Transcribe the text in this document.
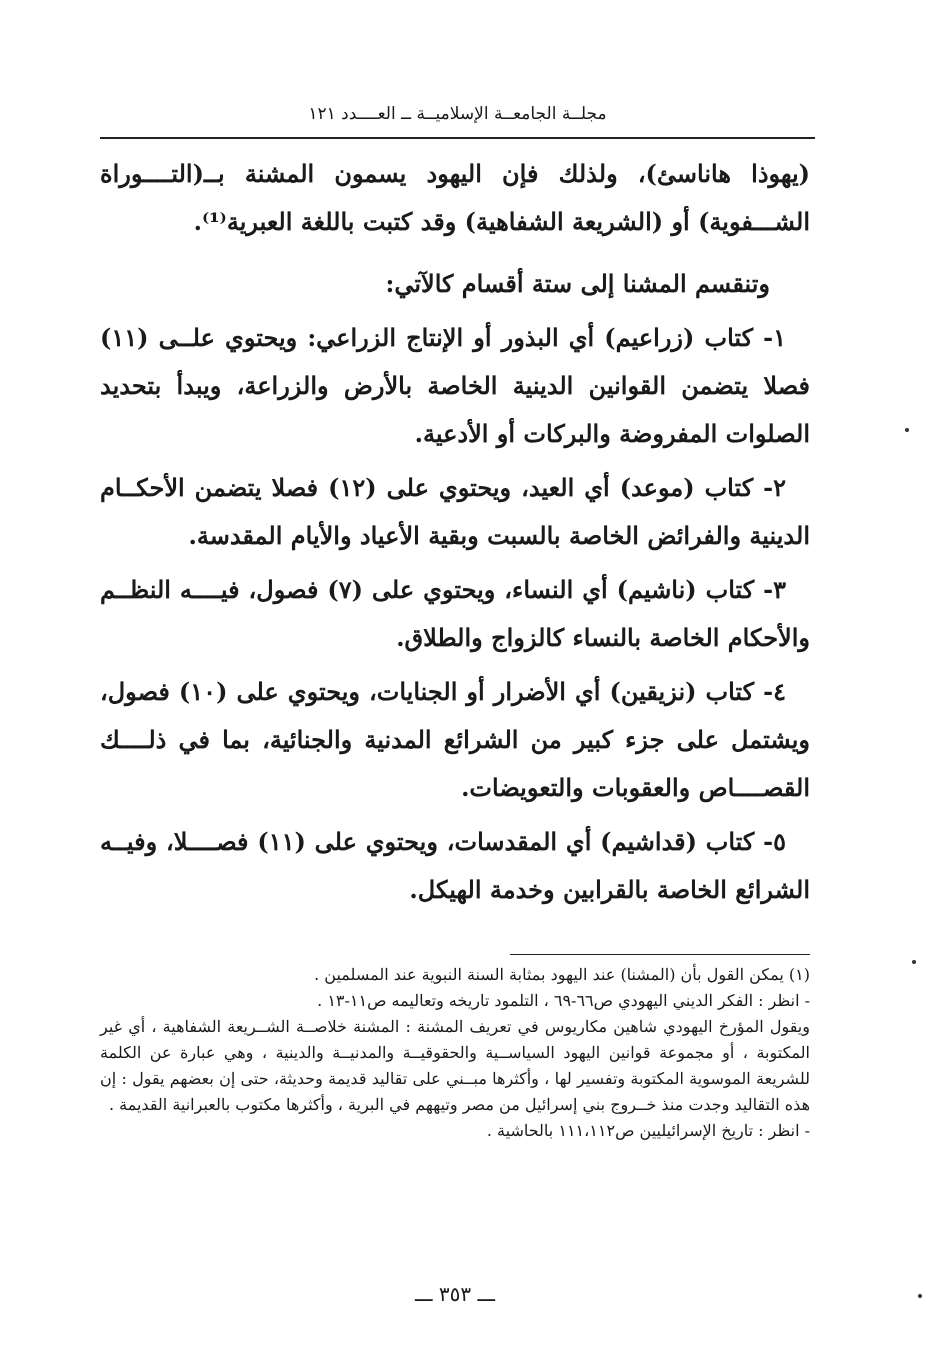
مجلــة الجامعــة الإسلاميــة ــ العــــدد ١٢١

(يهوذا هاناسئ)، ولذلك فإن اليهود يسمون المشنة بــ(التــــوراة الشـــفوية) أو (الشريعة الشفاهية) وقد كتبت باللغة العبرية⁽¹⁾.

وتنقسم المشنا إلى ستة أقسام كالآتي:

١- كتاب (زراعيم) أي البذور أو الإنتاج الزراعي: ويحتوي علــى (١١) فصلا يتضمن القوانين الدينية الخاصة بالأرض والزراعة، ويبدأ بتحديد الصلوات المفروضة والبركات أو الأدعية.

٢- كتاب (موعد) أي العيد، ويحتوي على (١٢) فصلا يتضمن الأحكــام الدينية والفرائض الخاصة بالسبت وبقية الأعياد والأيام المقدسة.

٣- كتاب (ناشيم) أي النساء، ويحتوي على (٧) فصول، فيــــه النظــم والأحكام الخاصة بالنساء كالزواج والطلاق.

٤- كتاب (نزيقين) أي الأضرار أو الجنايات، ويحتوي على (١٠) فصول، ويشتمل على جزء كبير من الشرائع المدنية والجنائية، بما في ذلــــك القصــــاص والعقوبات والتعويضات.

٥- كتاب (قداشيم) أي المقدسات، ويحتوي على (١١) فصــــلا، وفيــه الشرائع الخاصة بالقرابين وخدمة الهيكل.

(١) يمكن القول بأن (المشنا) عند اليهود بمثابة السنة النبوية عند المسلمين .

- انظر : الفكر الديني اليهودي ص٦٦-٦٩ ، التلمود تاريخه وتعاليمه ص١١-١٣ .

ويقول المؤرخ اليهودي شاهين مكاريوس في تعريف المشنة : المشنة خلاصــة الشــريعة الشفاهية ، أي غير المكتوبة ، أو مجموعة قوانين اليهود السياســية والحقوقيــة والمدنيــة والدينية ، وهي عبارة عن الكلمة للشريعة الموسوية المكتوبة وتفسير لها ، وأكثرها مبــني على تقاليد قديمة وحديثة، حتى إن بعضهم يقول : إن هذه التقاليد وجدت منذ خــروج بني إسرائيل من مصر وتيههم في البرية ، وأكثرها مكتوب بالعبرانية القديمة .

- انظر : تاريخ الإسرائيليين ص١١١،١١٢ بالحاشية .

ـــ ٣٥٣ ـــ
